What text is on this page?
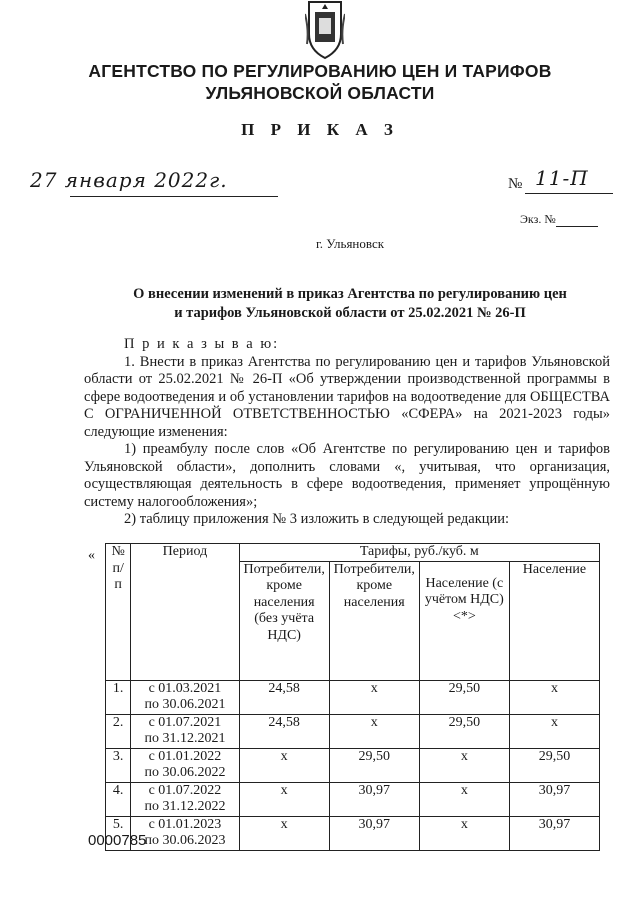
АГЕНТСТВО ПО РЕГУЛИРОВАНИЮ ЦЕН И ТАРИФОВ
УЛЬЯНОВСКОЙ ОБЛАСТИ
П Р И К А З
27 января 2022г.	№ 11-П
Экз. №
г. Ульяновск
О внесении изменений в приказ Агентства по регулированию цен
и тарифов Ульяновской области от 25.02.2021 № 26-П

П р и к а з ы в а ю:

1. Внести в приказ Агентства по регулированию цен и тарифов Ульяновской области от 25.02.2021 № 26-П «Об утверждении производственной программы в сфере водоотведения и об установлении тарифов на водоотведение для ОБЩЕСТВА С ОГРАНИЧЕННОЙ ОТВЕТСТВЕННОСТЬЮ «СФЕРА» на 2021-2023 годы» следующие изменения:

1) преамбулу после слов «Об Агентстве по регулированию цен и тарифов Ульяновской области», дополнить словами «, учитывая, что организация, осуществляющая деятельность в сфере водоотведения, применяет упрощённую систему налогообложения»;

2) таблицу приложения № 3 изложить в следующей редакции:

« № п/п	Период	Тарифы, руб./куб. м			
		Потребители, кроме населения (без учёта НДС)	Потребители, кроме населения	Население (с учётом НДС)<*>	Население
1.	с 01.03.2021
по 30.06.2021	24,58	х	29,50	х
2.	с 01.07.2021
по 31.12.2021	24,58	х	29,50	х
3.	с 01.01.2022
по 30.06.2022	х	29,50	х	29,50
4.	с 01.07.2022
по 31.12.2022	х	30,97	х	30,97
5.	с 01.01.2023
по 30.06.2023	х	30,97	х	30,97
0000785
